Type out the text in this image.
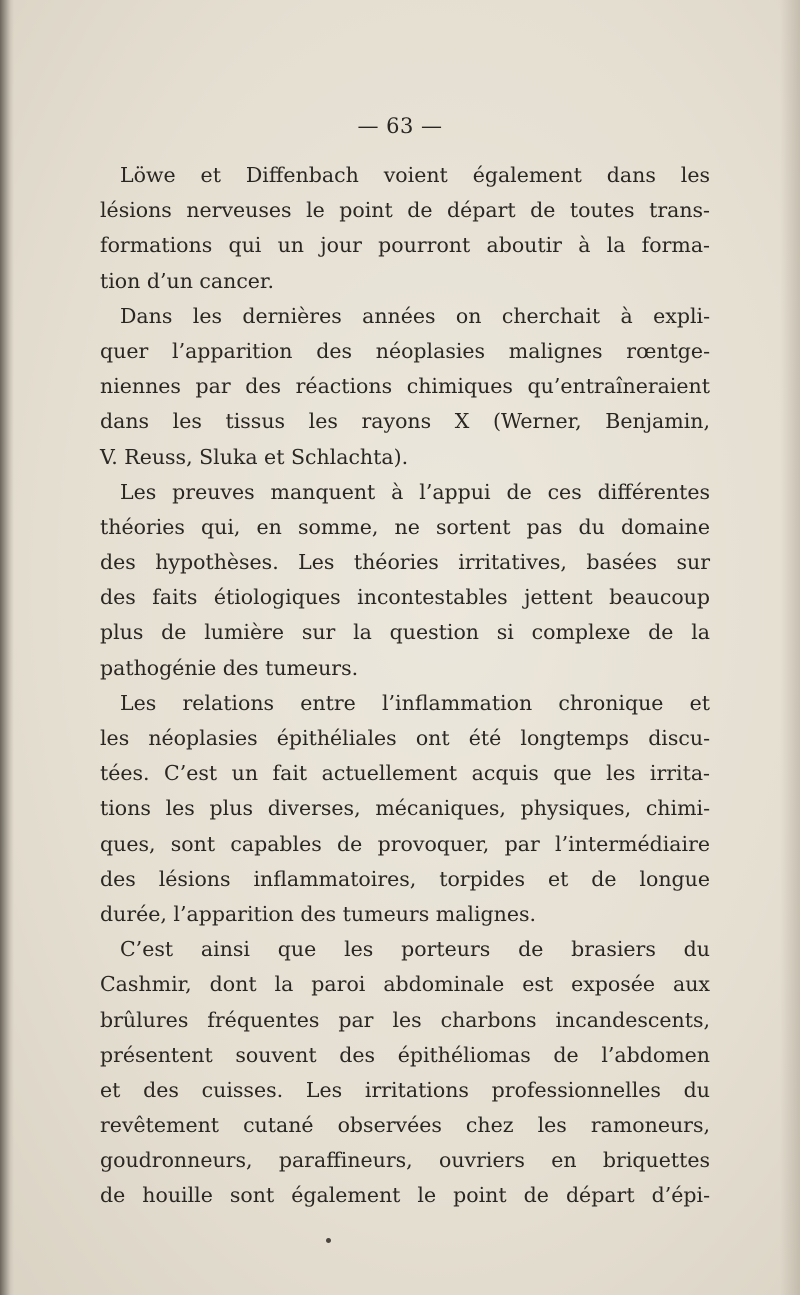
— 63 —
Löwe et Diffenbach voient également dans les
lésions nerveuses le point de départ de toutes trans-
formations qui un jour pourront aboutir à la forma-
tion d’un cancer.
Dans les dernières années on cherchait à expli-
quer l’apparition des néoplasies malignes rœntge-
niennes par des réactions chimiques qu’entraîneraient
dans les tissus les rayons X (Werner, Benjamin,
V. Reuss, Sluka et Schlachta).
Les preuves manquent à l’appui de ces différentes
théories qui, en somme, ne sortent pas du domaine
des hypothèses. Les théories irritatives, basées sur
des faits étiologiques incontestables jettent beaucoup
plus de lumière sur la question si complexe de la
pathogénie des tumeurs.
Les relations entre l’inflammation chronique et
les néoplasies épithéliales ont été longtemps discu-
tées. C’est un fait actuellement acquis que les irrita-
tions les plus diverses, mécaniques, physiques, chimi-
ques, sont capables de provoquer, par l’intermédiaire
des lésions inflammatoires, torpides et de longue
durée, l’apparition des tumeurs malignes.
C’est ainsi que les porteurs de brasiers du
Cashmir, dont la paroi abdominale est exposée aux
brûlures fréquentes par les charbons incandescents,
présentent souvent des épithéliomas de l’abdomen
et des cuisses. Les irritations professionnelles du
revêtement cutané observées chez les ramoneurs,
goudronneurs, paraffineurs, ouvriers en briquettes
de houille sont également le point de départ d’épi-
